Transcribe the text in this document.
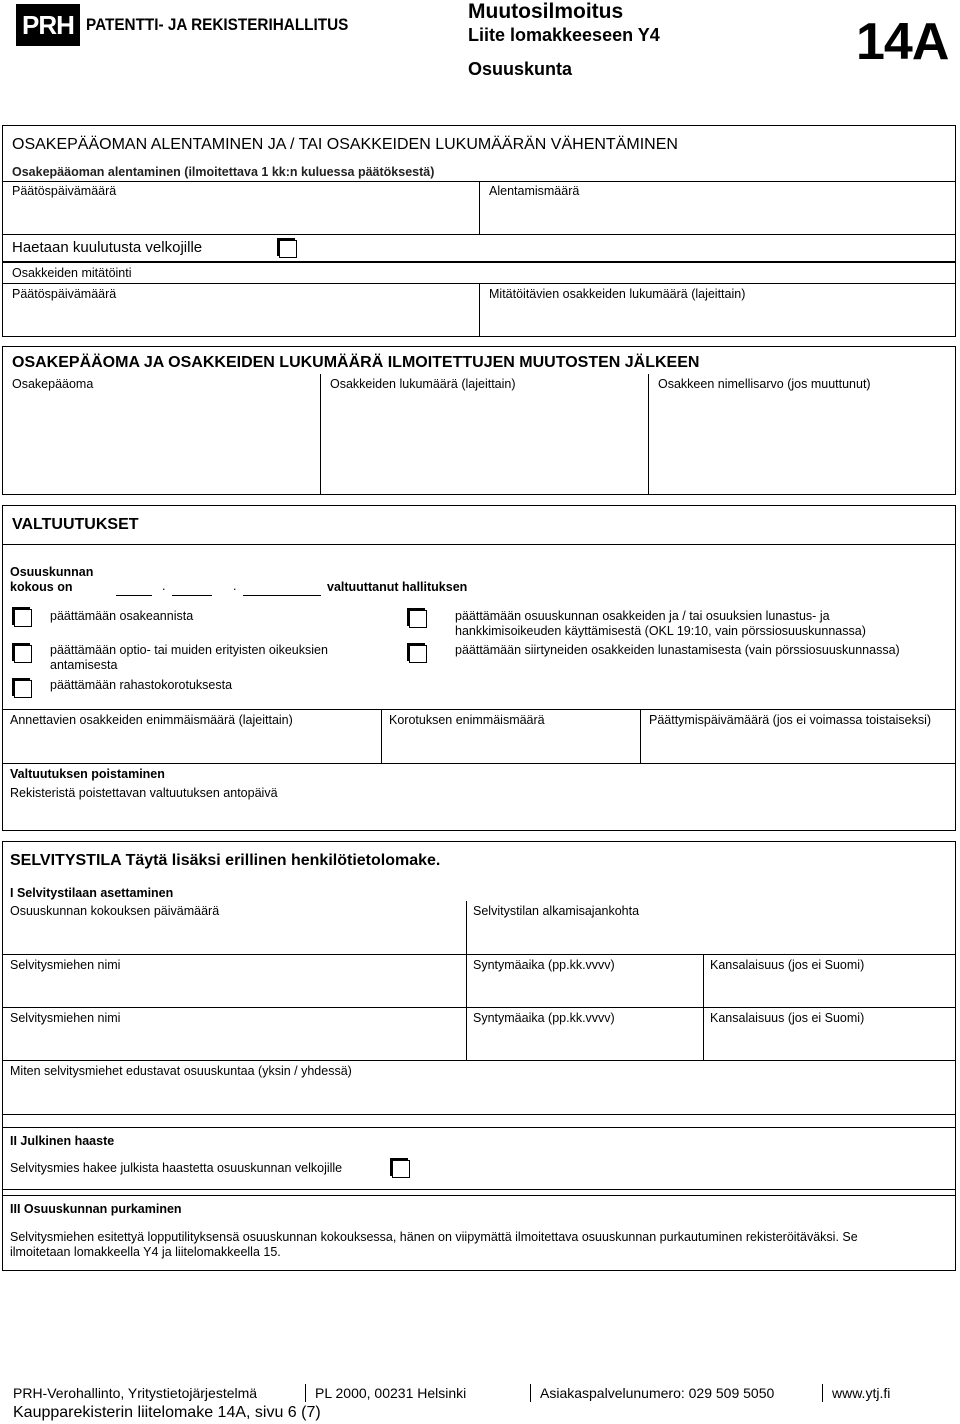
PRH PATENTTI- JA REKISTERIHALLITUS
Muutosilmoitus
Liite lomakkeeseen Y4
Osuuskunta	14A
OSAKEPÄÄOMAN ALENTAMINEN JA / TAI OSAKKEIDEN LUKUMÄÄRÄN VÄHENTÄMINEN
Osakepääoman alentaminen (ilmoitettava 1 kk:n kuluessa päätöksestä)
Päätöspäivämäärä	Alentamismäärä
Haetaan kuulutusta velkojille
Osakkeiden mitätöinti
Päätöspäivämäärä	Mitätöitävien osakkeiden lukumäärä (lajeittain)
OSAKEPÄÄOMA JA OSAKKEIDEN LUKUMÄÄRÄ ILMOITETTUJEN MUUTOSTEN JÄLKEEN
Osakepääoma	Osakkeiden lukumäärä (lajeittain)	Osakkeen nimellisarvo (jos muuttunut)
VALTUUTUKSET
Osuuskunnan
kokous on	.	.	valtuuttanut hallituksen
päättämään osakeannista
päättämään optio- tai muiden erityisten oikeuksien antamisesta
päättämään rahastokorotuksesta
päättämään osuuskunnan osakkeiden ja / tai osuuksien lunastus- ja hankkimisoikeuden käyttämisestä (OKL 19:10, vain pörssiosuuskunnassa)
päättämään siirtyneiden osakkeiden lunastamisesta (vain pörssiosuuskunnassa)
Annettavien osakkeiden enimmäismäärä (lajeittain)	Korotuksen enimmäismäärä	Päättymispäivämäärä (jos ei voimassa toistaiseksi)
Valtuutuksen poistaminen
Rekisteristä poistettavan valtuutuksen antopäivä
SELVITYSTILA Täytä lisäksi erillinen henkilötietolomake.
I Selvitystilaan asettaminen
Osuuskunnan kokouksen päivämäärä	Selvitystilan alkamisajankohta
Selvitysmiehen nimi	Syntymäaika (pp.kk.vvvv)	Kansalaisuus (jos ei Suomi)
Selvitysmiehen nimi	Syntymäaika (pp.kk.vvvv)	Kansalaisuus (jos ei Suomi)
Miten selvitysmiehet edustavat osuuskuntaa (yksin / yhdessä)
II Julkinen haaste
Selvitysmies hakee julkista haastetta osuuskunnan velkojille
III Osuuskunnan purkaminen
Selvitysmiehen esitettyä lopputilityksensä osuuskunnan kokouksessa, hänen on viipymättä ilmoitettava osuuskunnan purkautuminen rekisteröitäväksi. Se ilmoitetaan lomakkeella Y4 ja liitelomakkeella 15.
PRH-Verohallinto, Yritystietojärjestelmä	PL 2000, 00231 Helsinki	Asiakaspalvelunumero: 029 509 5050	www.ytj.fi
Kaupparekisterin liitelomake 14A, sivu 6 (7)
